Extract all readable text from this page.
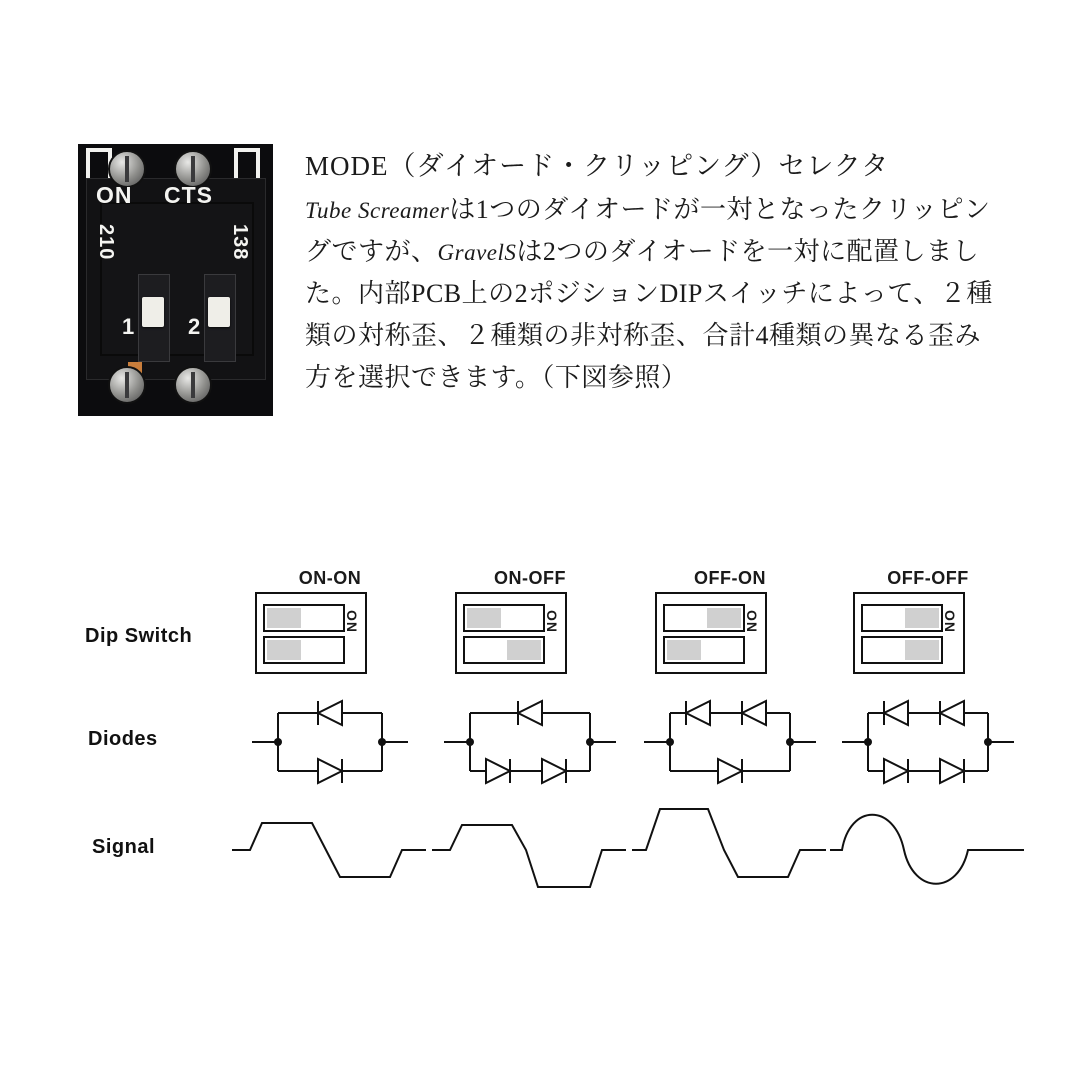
ON CTS
210	138
1 2
MODE（ダイオード・クリッピング）セレクタ
Tube Screamerは1つのダイオードが一対となったクリッピングですが、GravelSは2つのダイオードを一対に配置しました。内部PCB上の2ポジションDIPスイッチによって、２種類の対称歪、２種類の非対称歪、合計4種類の異なる歪み方を選択できます。（下図参照）
Dip Switch
Diodes
Signal
ON-ON
ON
ON-OFF
ON
OFF-ON
ON
OFF-OFF
ON
